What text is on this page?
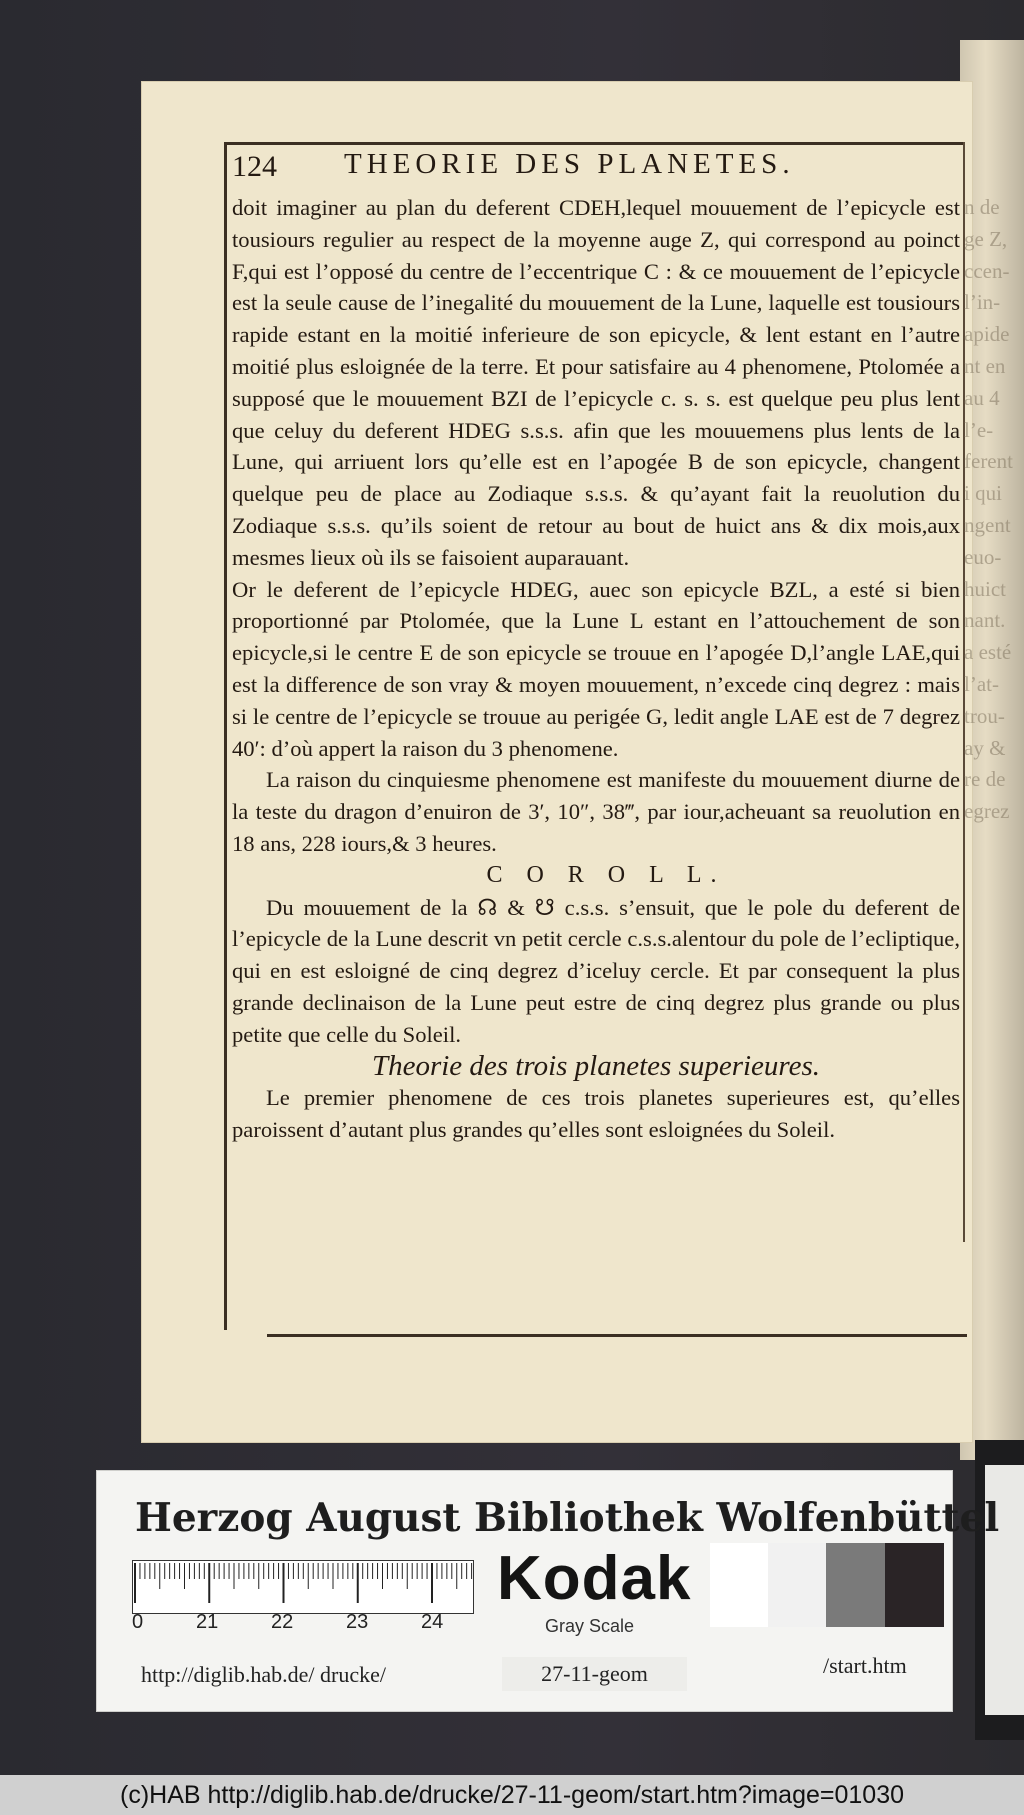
124 THEORIE DES PLANETES.

doit imaginer au plan du deferent CDEH,lequel mouuement de l’epicycle est tousiours regulier au respect de la moyenne auge Z, qui correspond au poinct F,qui est l’opposé du centre de l’eccentrique C : & ce mouuement de l’epicycle est la seule cause de l’inegalité du mouuement de la Lune, laquelle est tousiours rapide estant en la moitié inferieure de son epicycle, & lent estant en l’autre moitié plus esloignée de la terre. Et pour satisfaire au 4 phenomene, Ptolomée a supposé que le mouuement BZI de l’epicycle c. s. s. est quelque peu plus lent que celuy du deferent HDEG s.s.s. afin que les mouuemens plus lents de la Lune, qui arriuent lors qu’elle est en l’apogée B de son epicycle, changent quelque peu de place au Zodiaque s.s.s. & qu’ayant fait la reuolution du Zodiaque s.s.s. qu’ils soient de retour au bout de huict ans & dix mois,aux mesmes lieux où ils se faisoient auparauant.

Or le deferent de l’epicycle HDEG, auec son epicycle BZL, a esté si bien proportionné par Ptolomée, que la Lune L estant en l’attouchement de son epicycle,si le centre E de son epicycle se trouue en l’apogée D,l’angle LAE,qui est la difference de son vray & moyen mouuement, n’excede cinq degrez : mais si le centre de l’epicycle se trouue au perigée G, ledit angle LAE est de 7 degrez 40′: d’où appert la raison du 3 phenomene.

La raison du cinquiesme phenomene est manifeste du mouuement diurne de la teste du dragon d’enuiron de 3′, 10″, 38‴, par iour,acheuant sa reuolution en 18 ans, 228 iours,& 3 heures.

C O R O L L.

Du mouuement de la ☊ & ☋ c.s.s. s’ensuit, que le pole du deferent de l’epicycle de la Lune descrit vn petit cercle c.s.s.alentour du pole de l’ecliptique, qui en est esloigné de cinq degrez d’iceluy cercle. Et par consequent la plus grande declinaison de la Lune peut estre de cinq degrez plus grande ou plus petite que celle du Soleil.

Theorie des trois planetes superieures.

Le premier phenomene de ces trois planetes superieures est, qu’elles paroissent d’autant plus grandes qu’elles sont esloignées du Soleil.

n de
ge Z,
ccen-
l’in-
apide
nt en
au 4
l’e-
ferent
i qui
ngent
euo-
huict
nant.
a esté
l’at-
trou-
ay &
re de
egrez
Herzog August Bibliothek Wolfenbüttel
0	21	22	23	24
Kodak
Gray Scale
http://diglib.hab.de/ drucke/	27-11-geom	/start.htm
(c)HAB http://diglib.hab.de/drucke/27-11-geom/start.htm?image=01030
